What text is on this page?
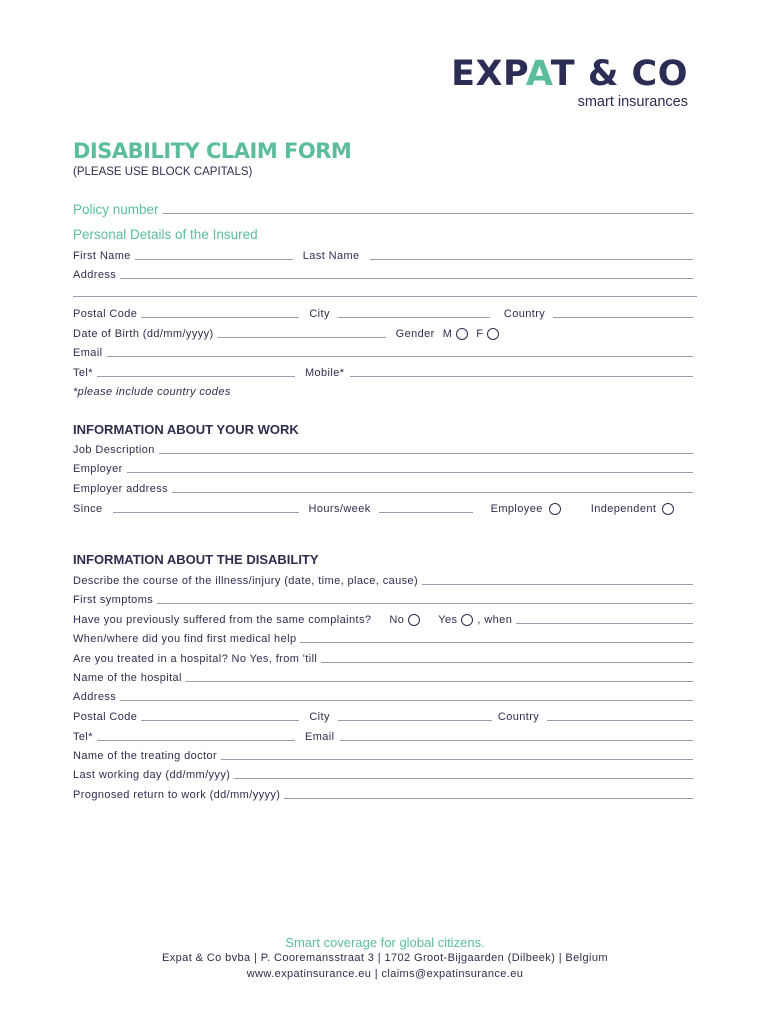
EXPAT & CO
smart insurances
DISABILITY CLAIM FORM
(PLEASE USE BLOCK CAPITALS)
Policy number
Personal Details of the Insured
First Name	Last Name
Address
Postal Code	City	Country
Date of Birth (dd/mm/yyyy)	Gender M F
Email
Tel*	Mobile*
*please include country codes
INFORMATION ABOUT YOUR WORK
Job Description
Employer
Employer address
Since	Hours/week	Employee	Independent
INFORMATION ABOUT THE DISABILITY
Describe the course of the illness/injury (date, time, place, cause)
First symptoms
Have you previously suffered from the same complaints? No	Yes , when
When/where did you find first medical help
Are you treated in a hospital? No Yes, from 'till
Name of the hospital
Address
Postal Code	City	Country
Tel*	Email
Name of the treating doctor
Last working day (dd/mm/yyy)
Prognosed return to work (dd/mm/yyyy)
Smart coverage for global citizens.
Expat & Co bvba | P. Cooremansstraat 3 | 1702 Groot-Bijgaarden (Dilbeek) | Belgium
www.expatinsurance.eu | claims@expatinsurance.eu
